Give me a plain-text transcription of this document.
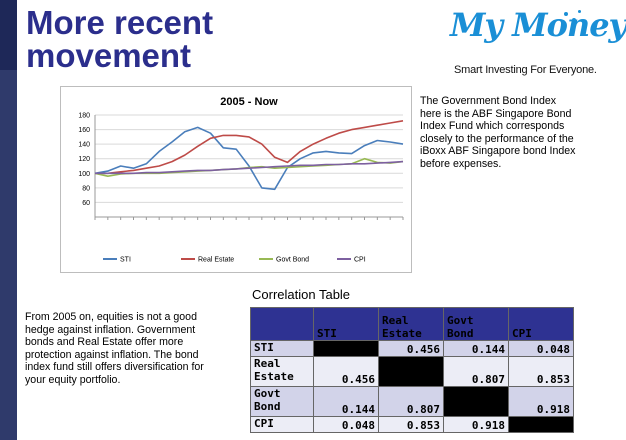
More recent
movement
My Money
Smart Investing For Everyone.
2005 - Now
60
80
100
120
140
160
180
STI	Real Estate	Govt Bond	CPI
The Government Bond Index here is the ABF Singapore Bond Index Fund which corresponds closely to the performance of the iBoxx ABF Singapore bond Index before expenses.
Correlation Table
From 2005 on, equities is not a good hedge against inflation. Government bonds and Real Estate offer more protection against inflation. The bond index fund still offers diversification for your equity portfolio.
	STI	Real Estate	Govt Bond	CPI
STI		0.456	0.144	0.048
Real Estate	0.456		0.807	0.853
Govt Bond	0.144	0.807		0.918
CPI	0.048	0.853	0.918	
